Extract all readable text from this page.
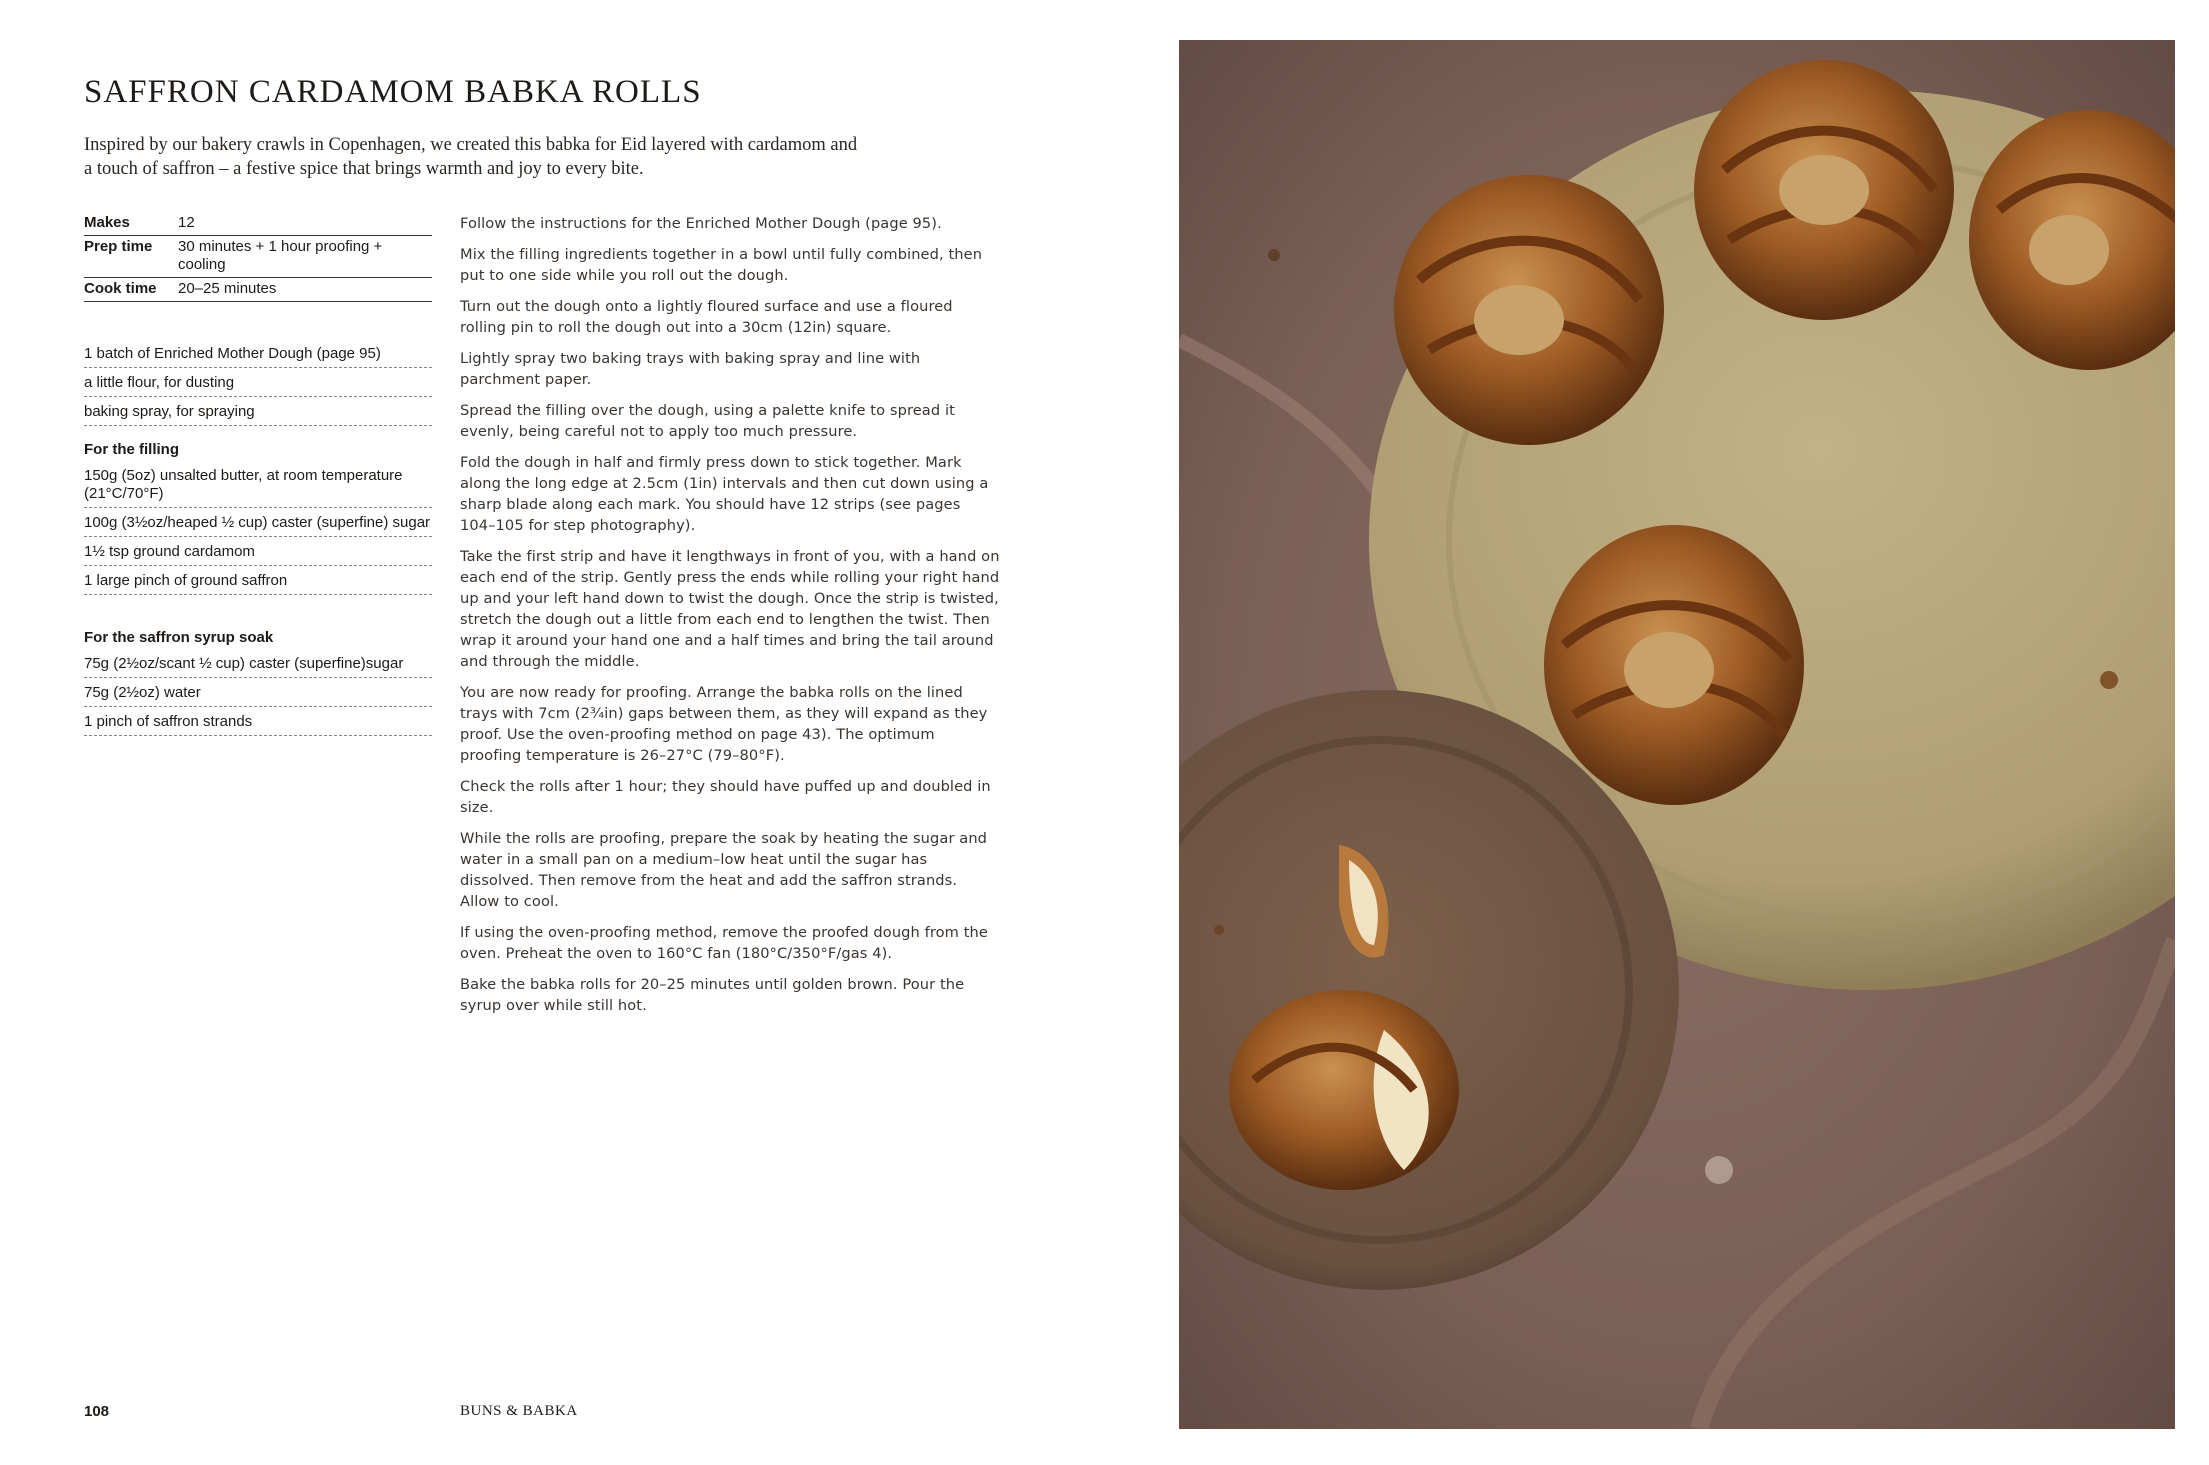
SAFFRON CARDAMOM BABKA ROLLS

Inspired by our bakery crawls in Copenhagen, we created this babka for Eid layered with cardamom and
a touch of saffron – a festive spice that brings warmth and joy to every bite.

Makes	12
Prep time	30 minutes + 1 hour proofing + cooling
Cook time	20–25 minutes
1 batch of Enriched Mother Dough (page 95)
a little flour, for dusting
baking spray, for spraying
For the filling
150g (5oz) unsalted butter, at room temperature (21°C/70°F)
100g (3½oz/heaped ½ cup) caster (superfine) sugar
1½ tsp ground cardamom
1 large pinch of ground saffron
For the saffron syrup soak
75g (2½oz/scant ½ cup) caster (superfine)sugar
75g (2½oz) water
1 pinch of saffron strands

Follow the instructions for the Enriched Mother Dough (page 95).

Mix the filling ingredients together in a bowl until fully combined, then put to one side while you roll out the dough.

Turn out the dough onto a lightly floured surface and use a floured rolling pin to roll the dough out into a 30cm (12in) square.

Lightly spray two baking trays with baking spray and line with parchment paper.

Spread the filling over the dough, using a palette knife to spread it evenly, being careful not to apply too much pressure.

Fold the dough in half and firmly press down to stick together. Mark along the long edge at 2.5cm (1in) intervals and then cut down using a sharp blade along each mark. You should have 12 strips (see pages 104–105 for step photography).

Take the first strip and have it lengthways in front of you, with a hand on each end of the strip. Gently press the ends while rolling your right hand up and your left hand down to twist the dough. Once the strip is twisted, stretch the dough out a little from each end to lengthen the twist. Then wrap it around your hand one and a half times and bring the tail around and through the middle.

You are now ready for proofing. Arrange the babka rolls on the lined trays with 7cm (2¾in) gaps between them, as they will expand as they proof. Use the oven-proofing method on page 43). The optimum proofing temperature is 26–27°C (79–80°F).

Check the rolls after 1 hour; they should have puffed up and doubled in size.

While the rolls are proofing, prepare the soak by heating the sugar and water in a small pan on a medium–low heat until the sugar has dissolved. Then remove from the heat and add the saffron strands. Allow to cool.

If using the oven-proofing method, remove the proofed dough from the oven. Preheat the oven to 160°C fan (180°C/350°F/gas 4).

Bake the babka rolls for 20–25 minutes until golden brown. Pour the syrup over while still hot.

108	BUNS & BABKA
